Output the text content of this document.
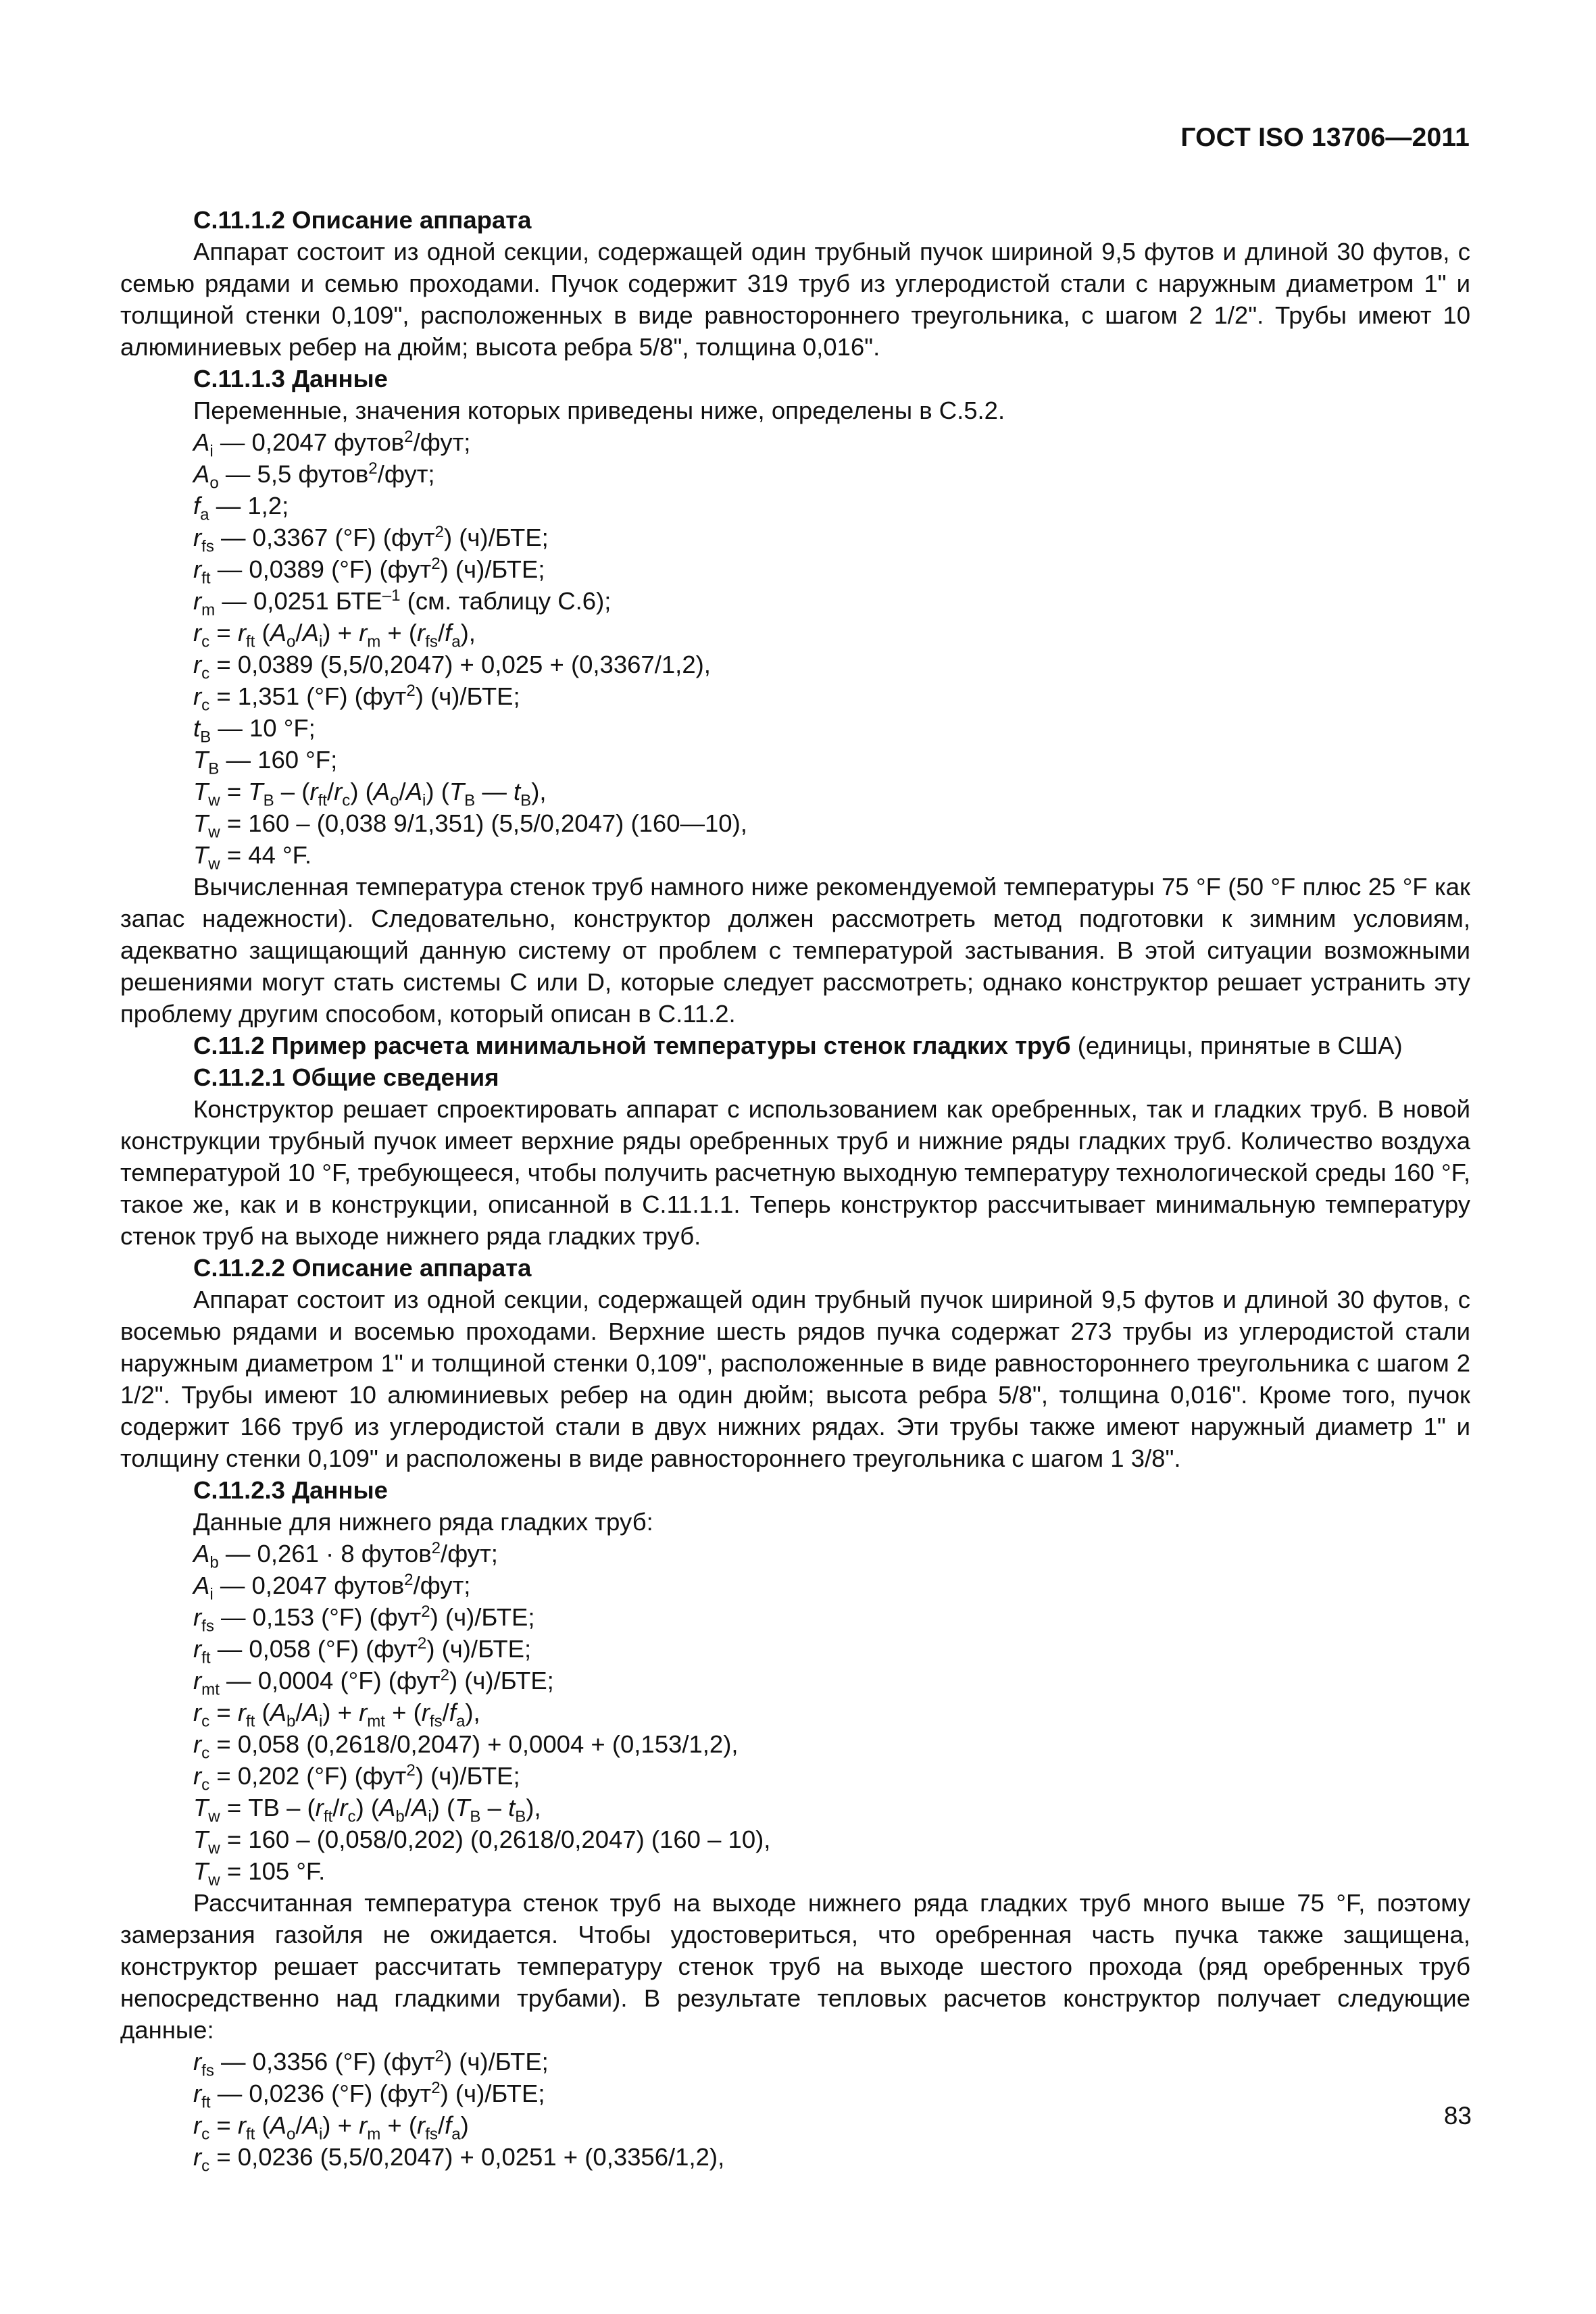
ГОСТ ISO 13706—2011

С.11.1.2 Описание аппарата

Аппарат состоит из одной секции, содержащей один трубный пучок шириной 9,5 футов и длиной 30 футов, с семью рядами и семью проходами. Пучок содержит 319 труб из углеродистой стали с наружным диаметром 1" и толщиной стенки 0,109", расположенных в виде равностороннего треугольника, с шагом 2 1/2". Трубы имеют 10 алюминиевых ребер на дюйм; высота ребра 5/8", толщина 0,016".

С.11.1.3 Данные

Переменные, значения которых приведены ниже, определены в С.5.2.

$A_i$ — 0,2047 футов$^2$/фут;

$A_o$ — 5,5 футов$^2$/фут;

$f_a$ — 1,2;

$r_{fs}$ — 0,3367 (°F) (фут$^2$) (ч)/БТЕ;

$r_{ft}$ — 0,0389 (°F) (фут$^2$) (ч)/БТЕ;

$r_m$ — 0,0251 $БТЕ^{-1}$ (см. таблицу С.6);

$r_c = r_{ft}$ $(A_o/A_i) + r_m + (r_{fs}/f_a)$,

$r_c = 0,0389$ (5,5/0,2047) + 0,025 + (0,3367/1,2),

$r_c = 1,351$ (°F) (фут$^2$) (ч)/БТЕ;

$t_B$ — 10 °F;

$T_B$ — 160 °F;

$T_w = T_B - (r_{ft}/r_c)$ $(A_o/A_i)$ ($T_B$ — $t_B$),

$T_w = 160 - (0,038$ 9/1,351) (5,5/0,2047) (160—10),

$T_w = 44$ °F.

Вычисленная температура стенок труб намного ниже рекомендуемой температуры 75 °F (50 °F плюс 25 °F как запас надежности). Следовательно, конструктор должен рассмотреть метод подготовки к зимним условиям, адекватно защищающий данную систему от проблем с температурой застывания. В этой ситуации возможными решениями могут стать системы С или D, которые следует рассмотреть; однако конструктор решает устранить эту проблему другим способом, который описан в С.11.2.

С.11.2 Пример расчета минимальной температуры стенок гладких труб (единицы, принятые в США)

С.11.2.1 Общие сведения

Конструктор решает спроектировать аппарат с использованием как оребренных, так и гладких труб. В новой конструкции трубный пучок имеет верхние ряды оребренных труб и нижние ряды гладких труб. Количество воздуха температурой 10 °F, требующееся, чтобы получить расчетную выходную температуру технологической среды 160 °F, такое же, как и в конструкции, описанной в С.11.1.1. Теперь конструктор рассчитывает минимальную температуру стенок труб на выходе нижнего ряда гладких труб.

С.11.2.2 Описание аппарата

Аппарат состоит из одной секции, содержащей один трубный пучок шириной 9,5 футов и длиной 30 футов, с восемью рядами и восемью проходами. Верхние шесть рядов пучка содержат 273 трубы из углеродистой стали наружным диаметром 1" и толщиной стенки 0,109", расположенные в виде равностороннего треугольника с шагом 2 1/2". Трубы имеют 10 алюминиевых ребер на один дюйм; высота ребра 5/8", толщина 0,016". Кроме того, пучок содержит 166 труб из углеродистой стали в двух нижних рядах. Эти трубы также имеют наружный диаметр 1" и толщину стенки 0,109" и расположены в виде равностороннего треугольника с шагом 1 3/8".

С.11.2.3 Данные

Данные для нижнего ряда гладких труб:

$A_b$ — 0,261 · 8 футов$^2$/фут;

$A_i$ — 0,2047 футов$^2$/фут;

$r_{fs}$ — 0,153 (°F) (фут$^2$) (ч)/БТЕ;

$r_{ft}$ — 0,058 (°F) (фут$^2$) (ч)/БТЕ;

$r_{mt}$ — 0,0004 (°F) (фут$^2$) (ч)/БТЕ;

$r_c = r_{ft}$ $(A_b/A_i) + r_{mt} + (r_{fs}/f_a)$,

$r_c = 0,058$ (0,2618/0,2047) + 0,0004 + (0,153/1,2),

$r_c = 0,202$ (°F) (фут$^2$) (ч)/БТЕ;

$T_w$ = ТВ – $(r_{ft}/r_c)$ $(A_b/A_i)$ $(T_B - t_B)$,

$T_w = 160 - (0,058/0,202)$ (0,2618/0,2047) (160 – 10),

$T_w = 105$ °F.

Рассчитанная температура стенок труб на выходе нижнего ряда гладких труб много выше 75 °F, поэтому замерзания газойля не ожидается. Чтобы удостовериться, что оребренная часть пучка также защищена, конструктор решает рассчитать температуру стенок труб на выходе шестого прохода (ряд оребренных труб непосредственно над гладкими трубами). В результате тепловых расчетов конструктор получает следующие данные:

$r_{fs}$ — 0,3356 (°F) (фут$^2$) (ч)/БТЕ;

$r_{ft}$ — 0,0236 (°F) (фут$^2$) (ч)/БТЕ;

$r_c = r_{ft}$ $(A_o/A_i) + r_m + (r_{fs}/f_a)$

$r_c = 0,0236$ (5,5/0,2047) + 0,0251 + (0,3356/1,2),

83
